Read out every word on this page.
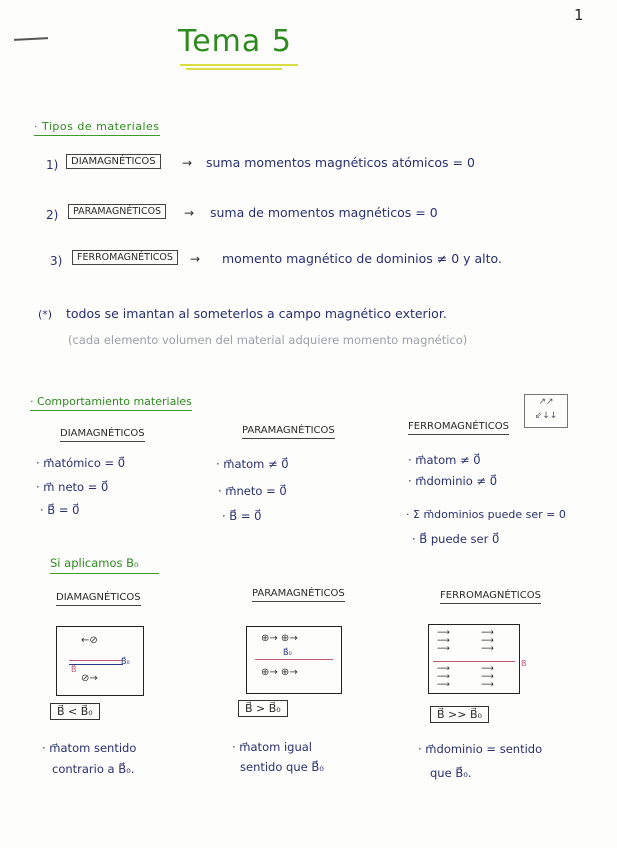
1
Tema 5
· Tipos de materiales
1)	DIAMAGNÉTICOS	→ suma momentos magnéticos atómicos = 0
2)	PARAMAGNÉTICOS	→ suma de momentos magnéticos = 0
3)	FERROMAGNÉTICOS	→ momento magnético de dominios ≠ 0 y alto.
(*) todos se imantan al someterlos a campo magnético exterior.
(cada elemento volumen del material adquiere momento magnético)
· Comportamiento materiales	↗↗
⇙↓↓
DIAMAGNÉTICOS
· m⃗atómico = 0⃗
· m⃗ neto = 0⃗
· B⃗ = 0⃗
PARAMAGNÉTICOS
· m⃗atom ≠ 0⃗
· m⃗neto = 0⃗
· B⃗ = 0⃗
FERROMAGNÉTICOS
· m⃗atom ≠ 0⃗
· m⃗dominio ≠ 0⃗
· Σ m⃗dominios puede ser = 0
· B⃗ puede ser 0⃗
Si aplicamos B₀
DIAMAGNÉTICOS	PARAMAGNÉTICOS	FERROMAGNÉTICOS
←⊘
B⃗
B⃗₀
⊘→
B⃗ < B⃗₀
· m⃗atom sentido
contrario a B⃗₀.
⊕→ ⊕→
B⃗₀
⊕→ ⊕→
B⃗ > B⃗₀
· m⃗atom igual
sentido que B⃗₀
⟶
⟶
⟶
⟶
⟶
⟶
B
⟶
⟶
⟶
⟶
⟶
⟶
B⃗ >> B⃗₀
· m⃗dominio = sentido
que B⃗₀.
